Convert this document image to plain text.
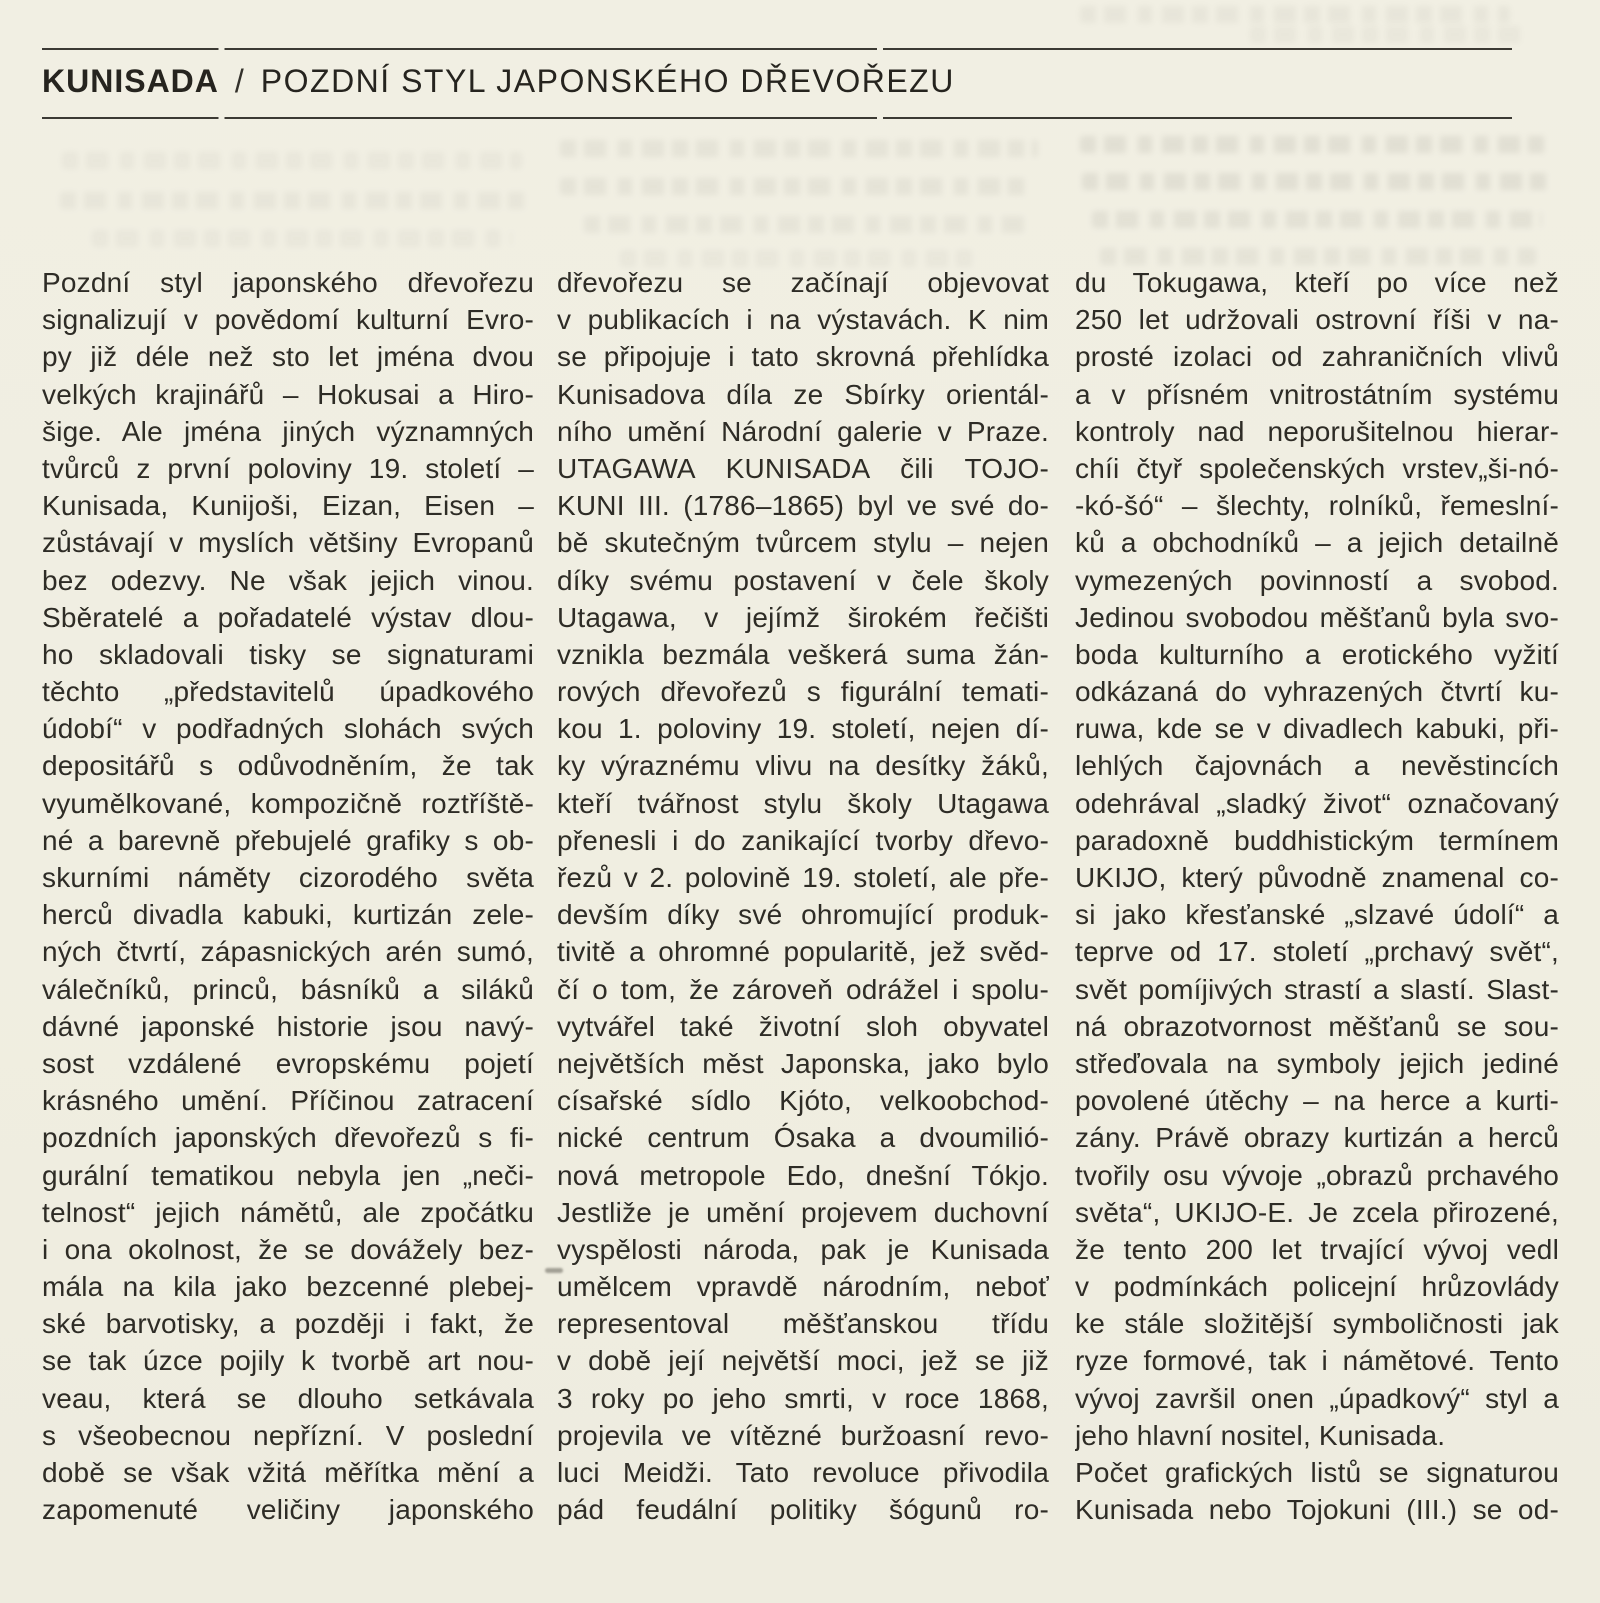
KUNISADA / POZDNÍ STYL JAPONSKÉHO DŘEVOŘEZU
Pozdní styl japonského dřevořezu
signalizují v povědomí kulturní Evro-
py již déle než sto let jména dvou
velkých krajinářů – Hokusai a Hiro-
šige. Ale jména jiných významných
tvůrců z první poloviny 19. století –
Kunisada, Kunijoši, Eizan, Eisen –
zůstávají v myslích většiny Evropanů
bez odezvy. Ne však jejich vinou.
Sběratelé a pořadatelé výstav dlou-
ho skladovali tisky se signaturami
těchto „představitelů úpadkového
údobí“ v podřadných slohách svých
depositářů s odůvodněním, že tak
vyumělkované, kompozičně roztříště-
né a barevně přebujelé grafiky s ob-
skurními náměty cizorodého světa
herců divadla kabuki, kurtizán zele-
ných čtvrtí, zápasnických arén sumó,
válečníků, princů, básníků a siláků
dávné japonské historie jsou navý-
sost vzdálené evropskému pojetí
krásného umění. Příčinou zatracení
pozdních japonských dřevořezů s fi-
gurální tematikou nebyla jen „neči-
telnost“ jejich námětů, ale zpočátku
i ona okolnost, že se dovážely bez-
mála na kila jako bezcenné plebej-
ské barvotisky, a později i fakt, že
se tak úzce pojily k tvorbě art nou-
veau, která se dlouho setkávala
s všeobecnou nepřízní. V poslední
době se však vžitá měřítka mění a
zapomenuté veličiny japonského
dřevořezu se začínají objevovat
v publikacích i na výstavách. K nim
se připojuje i tato skrovná přehlídka
Kunisadova díla ze Sbírky orientál-
ního umění Národní galerie v Praze.
UTAGAWA KUNISADA čili TOJO-
KUNI III. (1786–1865) byl ve své do-
bě skutečným tvůrcem stylu – nejen
díky svému postavení v čele školy
Utagawa, v jejímž širokém řečišti
vznikla bezmála veškerá suma žán-
rových dřevořezů s figurální temati-
kou 1. poloviny 19. století, nejen dí-
ky výraznému vlivu na desítky žáků,
kteří tvářnost stylu školy Utagawa
přenesli i do zanikající tvorby dřevo-
řezů v 2. polovině 19. století, ale pře-
devším díky své ohromující produk-
tivitě a ohromné popularitě, jež svěd-
čí o tom, že zároveň odrážel i spolu-
vytvářel také životní sloh obyvatel
největších měst Japonska, jako bylo
císařské sídlo Kjóto, velkoobchod-
nické centrum Ósaka a dvoumilió-
nová metropole Edo, dnešní Tókjo.
Jestliže je umění projevem duchovní
vyspělosti národa, pak je Kunisada
umělcem vpravdě národním, neboť
representoval měšťanskou třídu
v době její největší moci, jež se již
3 roky po jeho smrti, v roce 1868,
projevila ve vítězné buržoasní revo-
luci Meidži. Tato revoluce přivodila
pád feudální politiky šógunů ro-
du Tokugawa, kteří po více než
250 let udržovali ostrovní říši v na-
prosté izolaci od zahraničních vlivů
a v přísném vnitrostátním systému
kontroly nad neporušitelnou hierar-
chíi čtyř společenských vrstev„ši-nó-
-kó-šó“ – šlechty, rolníků, řemeslní-
ků a obchodníků – a jejich detailně
vymezených povinností a svobod.
Jedinou svobodou měšťanů byla svo-
boda kulturního a erotického vyžití
odkázaná do vyhrazených čtvrtí ku-
ruwa, kde se v divadlech kabuki, při-
lehlých čajovnách a nevěstincích
odehrával „sladký život“ označovaný
paradoxně buddhistickým termínem
UKIJO, který původně znamenal co-
si jako křesťanské „slzavé údolí“ a
teprve od 17. století „prchavý svět“,
svět pomíjivých strastí a slastí. Slast-
ná obrazotvornost měšťanů se sou-
střeďovala na symboly jejich jediné
povolené útěchy – na herce a kurti-
zány. Právě obrazy kurtizán a herců
tvořily osu vývoje „obrazů prchavého
světa“, UKIJO-E. Je zcela přirozené,
že tento 200 let trvající vývoj vedl
v podmínkách policejní hrůzovlády
ke stále složitější symboličnosti jak
ryze formové, tak i námětové. Tento
vývoj završil onen „úpadkový“ styl a
jeho hlavní nositel, Kunisada.
Počet grafických listů se signaturou
Kunisada nebo Tojokuni (III.) se od-
